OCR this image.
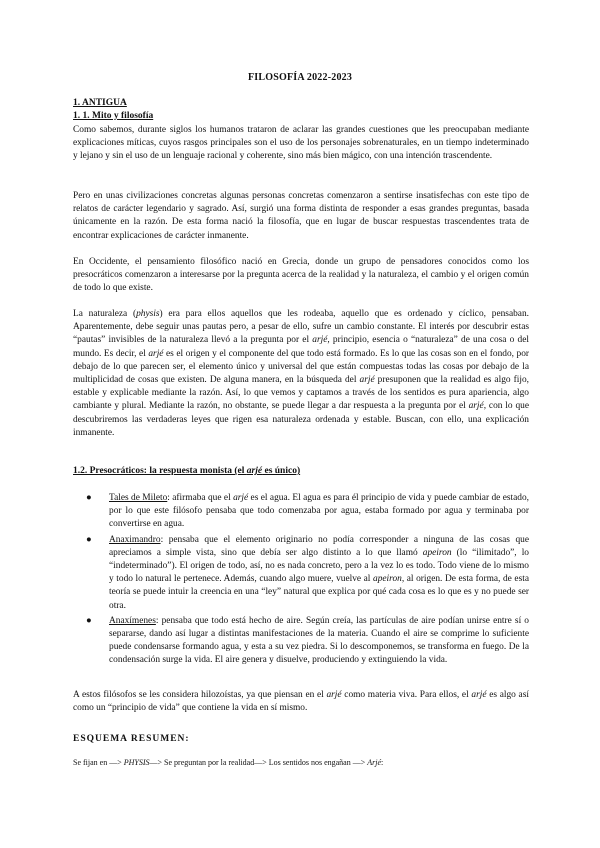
FILOSOFÍA 2022-2023
1. ANTIGUA
1. 1. Mito y filosofía
Como sabemos, durante siglos los humanos trataron de aclarar las grandes cuestiones que les preocupaban mediante explicaciones míticas, cuyos rasgos principales son el uso de los personajes sobrenaturales, en un tiempo indeterminado y lejano y sin el uso de un lenguaje racional y coherente, sino más bien mágico, con una intención trascendente.
Pero en unas civilizaciones concretas algunas personas concretas comenzaron a sentirse insatisfechas con este tipo de relatos de carácter legendario y sagrado. Así, surgió una forma distinta de responder a esas grandes preguntas, basada únicamente en la razón. De esta forma nació la filosofía, que en lugar de buscar respuestas trascendentes trata de encontrar explicaciones de carácter inmanente.
En Occidente, el pensamiento filosófico nació en Grecia, donde un grupo de pensadores conocidos como los presocráticos comenzaron a interesarse por la pregunta acerca de la realidad y la naturaleza, el cambio y el origen común de todo lo que existe.
La naturaleza (physis) era para ellos aquellos que les rodeaba, aquello que es ordenado y cíclico, pensaban. Aparentemente, debe seguir unas pautas pero, a pesar de ello, sufre un cambio constante. El interés por descubrir estas “pautas” invisibles de la naturaleza llevó a la pregunta por el arjé, principio, esencia o “naturaleza” de una cosa o del mundo. Es decir, el arjé es el origen y el componente del que todo está formado. Es lo que las cosas son en el fondo, por debajo de lo que parecen ser, el elemento único y universal del que están compuestas todas las cosas por debajo de la multiplicidad de cosas que existen. De alguna manera, en la búsqueda del arjé presuponen que la realidad es algo fijo, estable y explicable mediante la razón. Así, lo que vemos y captamos a través de los sentidos es pura apariencia, algo cambiante y plural. Mediante la razón, no obstante, se puede llegar a dar respuesta a la pregunta por el arjé, con lo que descubriremos las verdaderas leyes que rigen esa naturaleza ordenada y estable. Buscan, con ello, una explicación inmanente.
1.2. Presocráticos: la respuesta monista (el arjé es único)
● Tales de Mileto: afirmaba que el arjé es el agua. El agua es para él principio de vida y puede cambiar de estado, por lo que este filósofo pensaba que todo comenzaba por agua, estaba formado por agua y terminaba por convertirse en agua.
● Anaximandro: pensaba que el elemento originario no podía corresponder a ninguna de las cosas que apreciamos a simple vista, sino que debía ser algo distinto a lo que llamó apeiron (lo “ilimitado”, lo “indeterminado”). El origen de todo, así, no es nada concreto, pero a la vez lo es todo. Todo viene de lo mismo y todo lo natural le pertenece. Además, cuando algo muere, vuelve al apeiron, al origen. De esta forma, de esta teoría se puede intuir la creencia en una “ley” natural que explica por qué cada cosa es lo que es y no puede ser otra.
● Anaxímenes: pensaba que todo está hecho de aire. Según creía, las partículas de aire podían unirse entre sí o separarse, dando así lugar a distintas manifestaciones de la materia. Cuando el aire se comprime lo suficiente puede condensarse formando agua, y esta a su vez piedra. Si lo descomponemos, se transforma en fuego. De la condensación surge la vida. El aire genera y disuelve, produciendo y extinguiendo la vida.
A estos filósofos se les considera hilozoístas, ya que piensan en el arjé como materia viva. Para ellos, el arjé es algo así como un “principio de vida” que contiene la vida en sí mismo.
ESQUEMA RESUMEN:
Se fijan en —> PHYSIS—> Se preguntan por la realidad—> Los sentidos nos engañan —> Arjé:
